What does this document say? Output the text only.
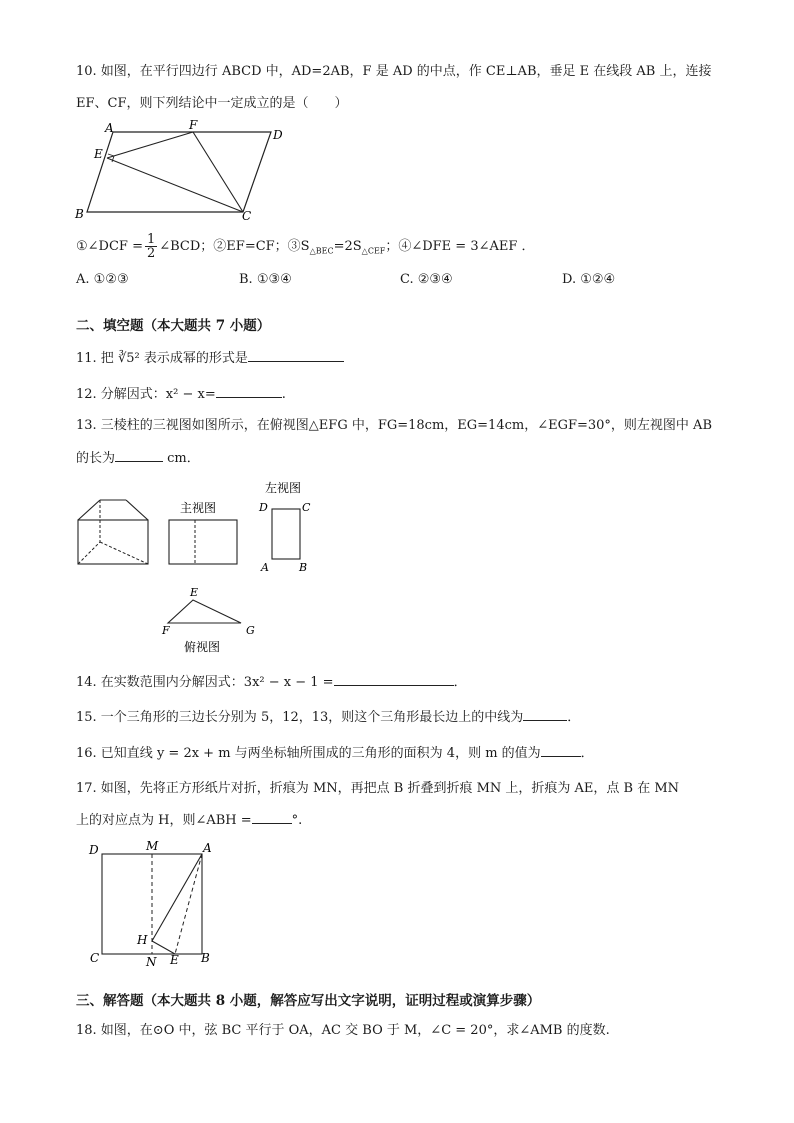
10. 如图，在平行四边行 ABCD 中，AD=2AB，F 是 AD 的中点，作 CE⊥AB，垂足 E 在线段 AB 上，连接
EF、CF，则下列结论中一定成立的是（　　）
A	F
D
E
B	C
①∠DCF = $\frac{1}{2}$ ∠BCD；②EF=CF；$③S_{\triangle BEC}=2S_{\triangle CEF}$；④∠DFE = 3∠AEF ．
A. ①②③	B. ①③④	C. ②③④	D. ①②④
二、填空题（本大题共 7 小题）
11. 把 ∛5² 表示成幂的形式是
12. 分解因式：x² − x=	.
13. 三棱柱的三视图如图所示，在俯视图△EFG 中，FG=18cm，EG=14cm，∠EGF=30°，则左视图中 AB
的长为	cm．
主视图
E
F	G
俯视图
左视图
D	C
A	B
14. 在实数范围内分解因式：3x² − x − 1 =	．
15. 一个三角形的三边长分别为 5，12，13，则这个三角形最长边上的中线为	．
16. 已知直线 y = 2x + m 与两坐标轴所围成的三角形的面积为 4，则 m 的值为	．
17. 如图，先将正方形纸片对折，折痕为 MN，再把点 B 折叠到折痕 MN 上，折痕为 AE，点 B 在 MN
上的对应点为 H，则∠ABH =	°.
D	M	A
H
C	N E B
三、解答题（本大题共 8 小题，解答应写出文字说明，证明过程或演算步骤）
18. 如图，在⊙O 中，弦 BC 平行于 OA，AC 交 BO 于 M，∠C = 20°，求∠AMB 的度数.
